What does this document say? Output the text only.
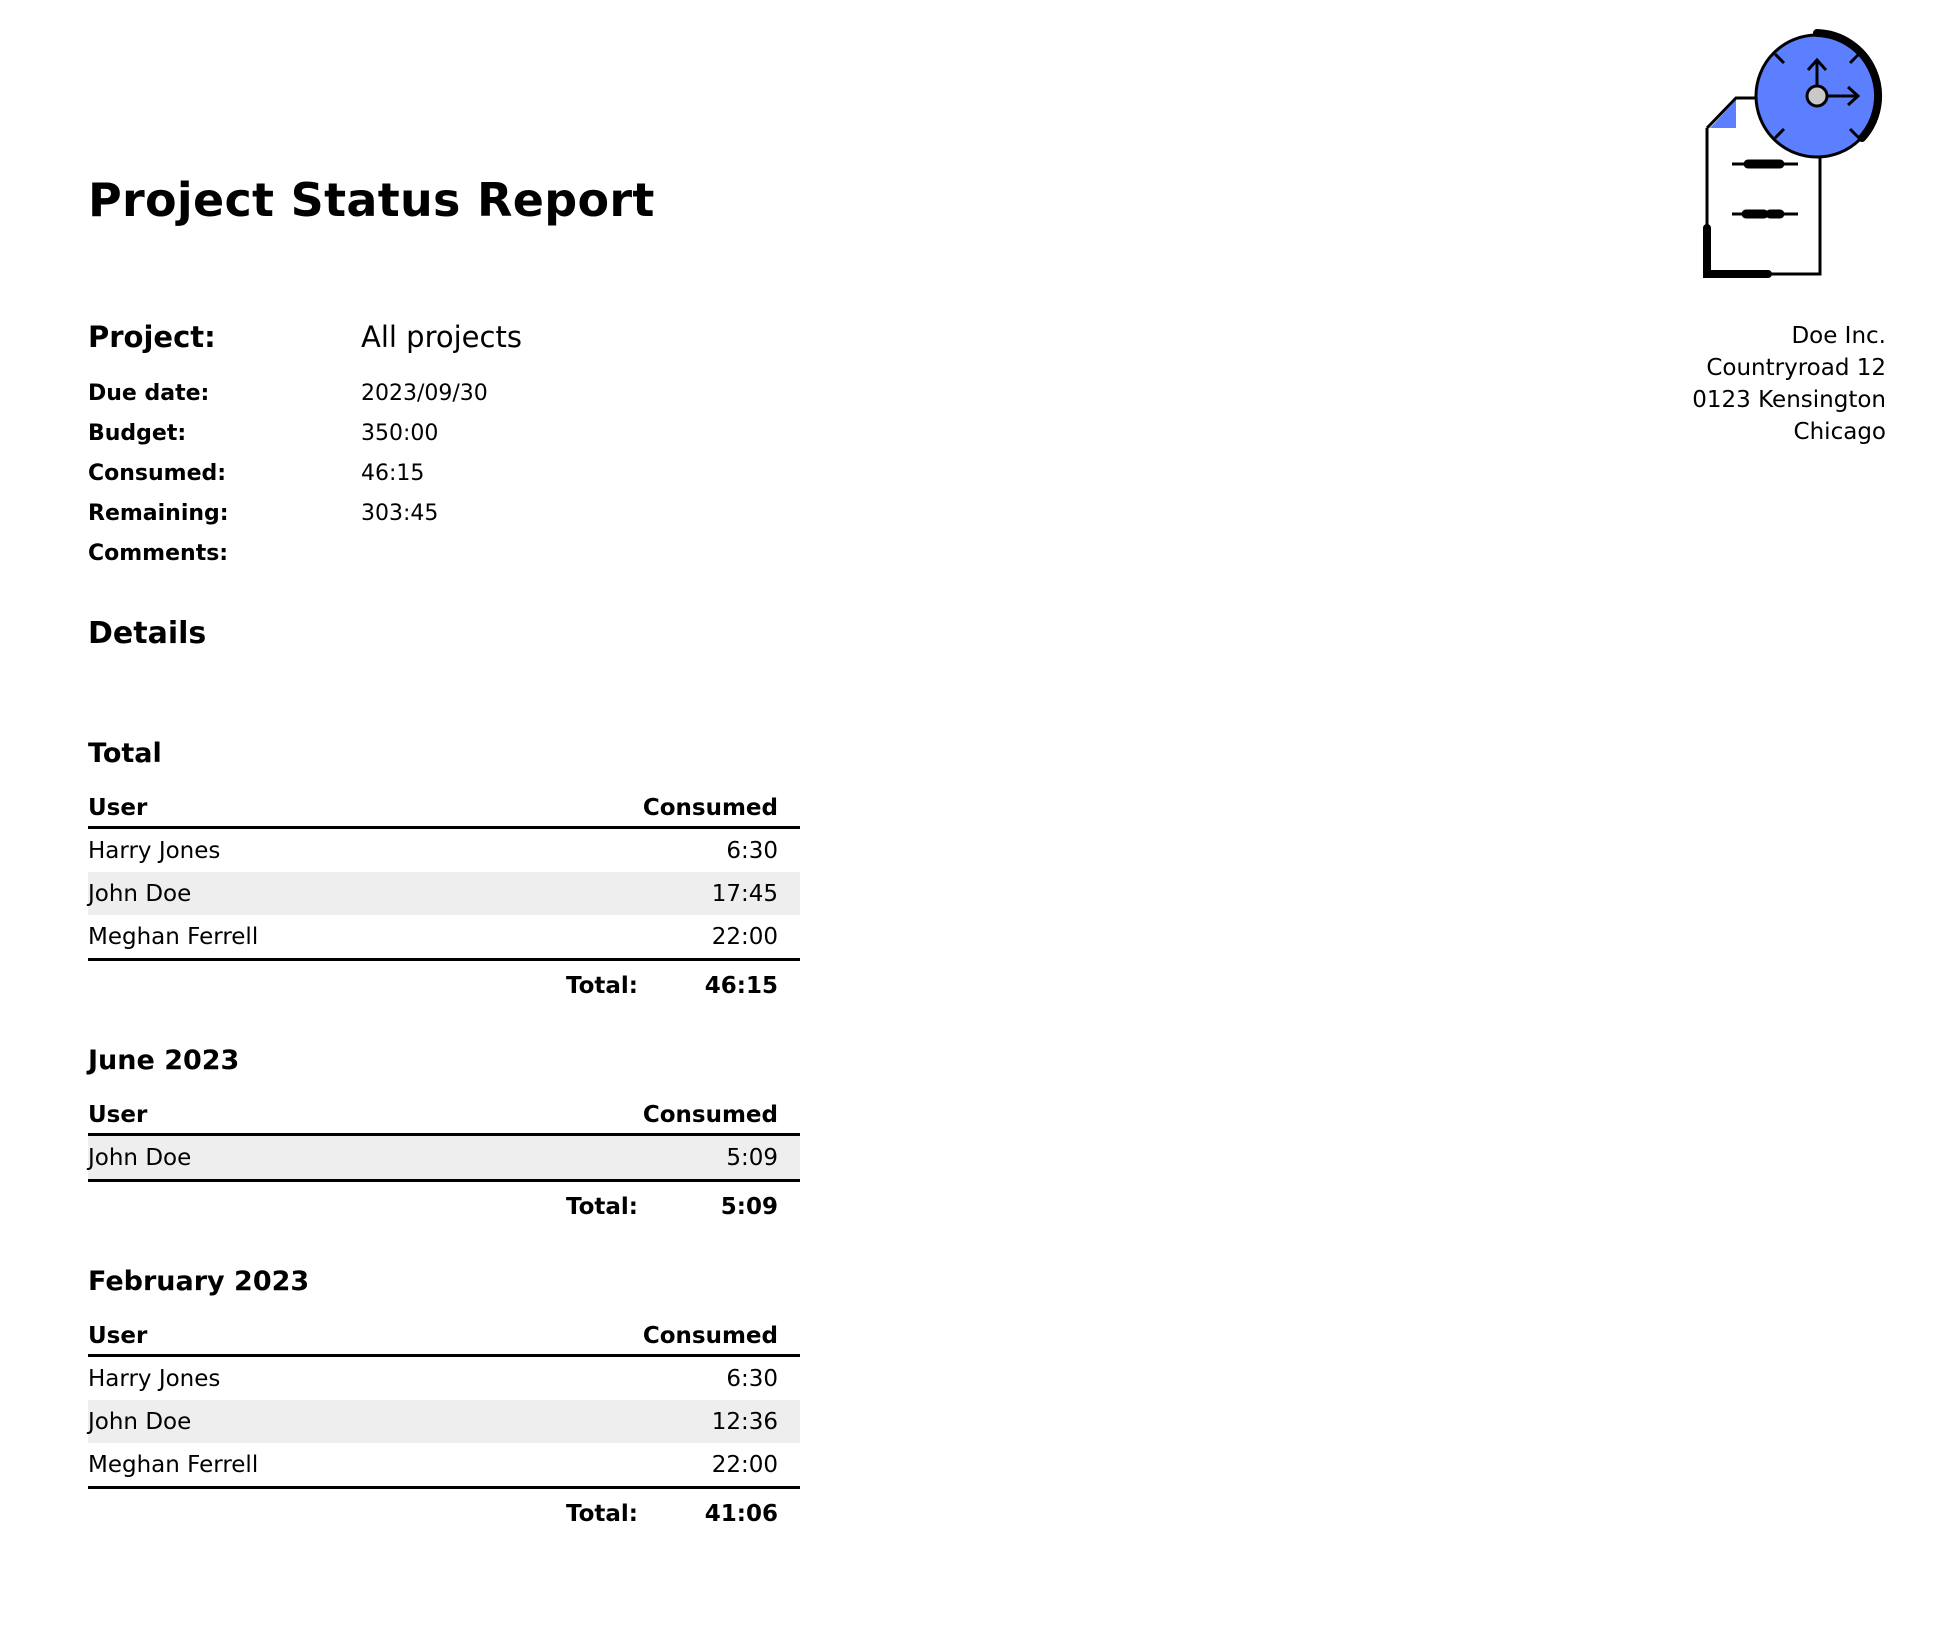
Project Status Report
Doe Inc.
Countryroad 12
0123 Kensington
Chicago
Project:	All projects
Due date:	2023/09/30
Budget:	350:00
Consumed:	46:15
Remaining:	303:45
Comments:
Details
Total
User	Consumed	
Harry Jones	6:30	
John Doe	17:45	
Meghan Ferrell	22:00	
	Total:	46:15
June 2023
User	Consumed	
John Doe	5:09	
	Total:	5:09
February 2023
User	Consumed	
Harry Jones	6:30	
John Doe	12:36	
Meghan Ferrell	22:00	
	Total:	41:06
